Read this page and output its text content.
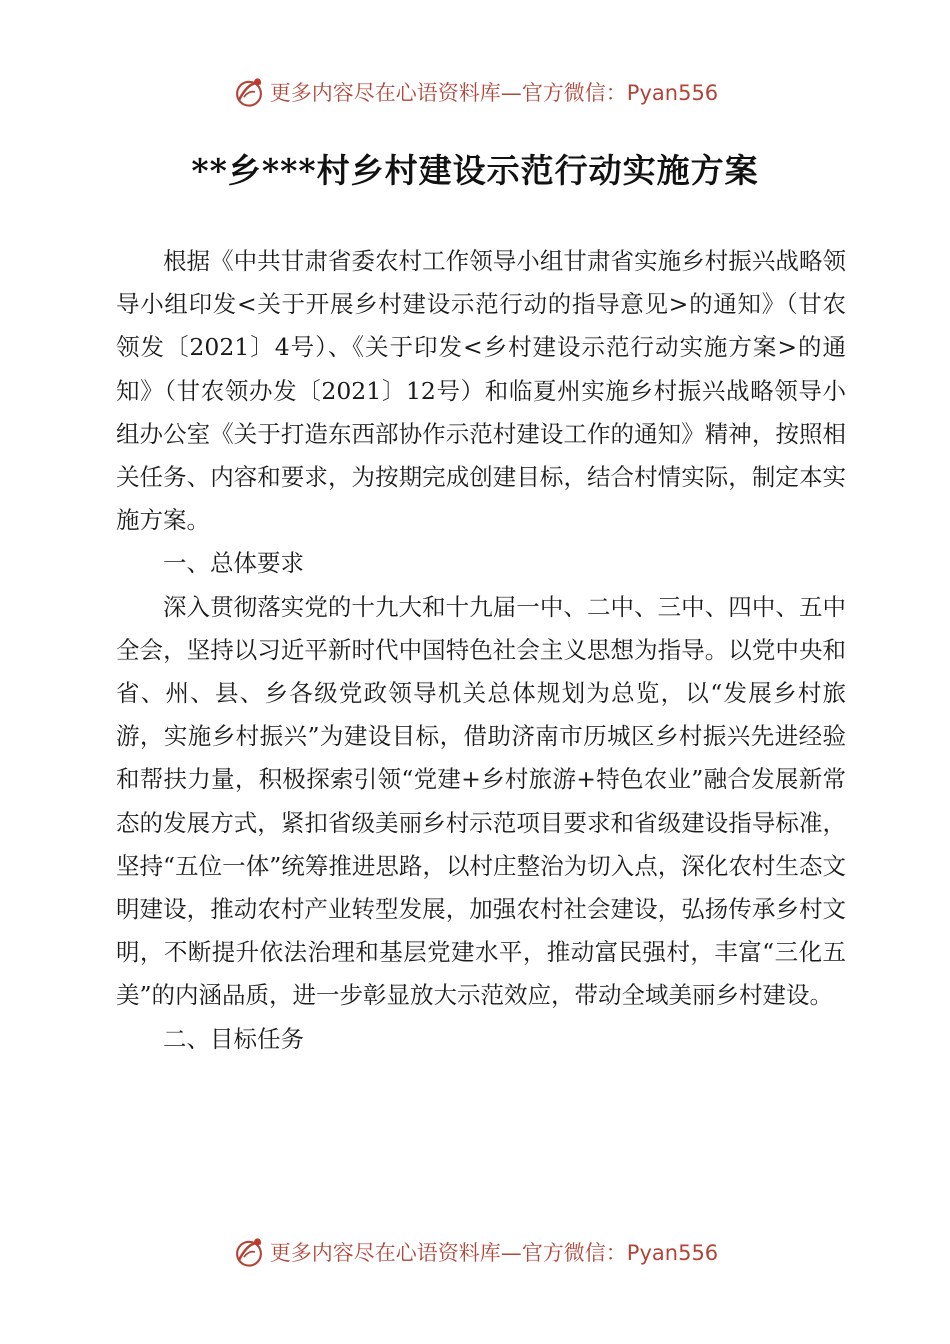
更多内容尽在心语资料库— 官方微信：Pyan556
**乡***村乡村建设示范行动实施方案

根据《中共甘肃省委农村工作领导小组甘肃省实施乡村振兴战略领导小组印发<关于开展乡村建设示范行动的指导意见>的通知》（甘农领发〔2021〕4号）、《关于印发<乡村建设示范行动实施方案>的通知》（甘农领办发〔2021〕12号）和临夏州实施乡村振兴战略领导小组办公室《关于打造东西部协作示范村建设工作的通知》精神，按照相关任务、内容和要求，为按期完成创建目标，结合村情实际，制定本实施方案。

一、总体要求

深入贯彻落实党的十九大和十九届一中、二中、三中、四中、五中全会，坚持以习近平新时代中国特色社会主义思想为指导。以党中央和省、州、县、乡各级党政领导机关总体规划为总览，以“发展乡村旅游，实施乡村振兴”为建设目标，借助济南市历城区乡村振兴先进经验和帮扶力量，积极探索引领“党建+乡村旅游+特色农业”融合发展新常态的发展方式，紧扣省级美丽乡村示范项目要求和省级建设指导标准，坚持“五位一体”统筹推进思路，以村庄整治为切入点，深化农村生态文明建设，推动农村产业转型发展，加强农村社会建设，弘扬传承乡村文明，不断提升依法治理和基层党建水平，推动富民强村，丰富“三化五美”的内涵品质，进一步彰显放大示范效应，带动全域美丽乡村建设。

二、目标任务

更多内容尽在心语资料库— 官方微信：Pyan556
